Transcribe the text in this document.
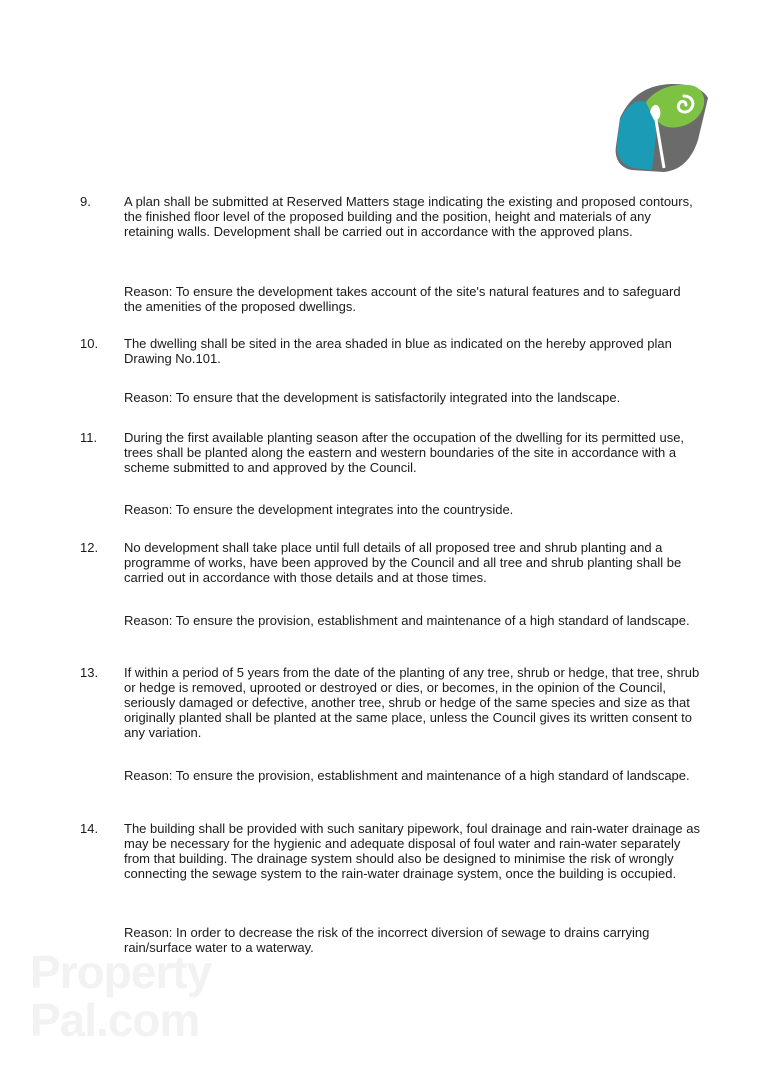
9.	A plan shall be submitted at Reserved Matters stage indicating the existing and proposed contours, the finished floor level of the proposed building and the position, height and materials of any retaining walls. Development shall be carried out in accordance with the approved plans.
Reason: To ensure the development takes account of the site's natural features and to safeguard the amenities of the proposed dwellings.
10.	The dwelling shall be sited in the area shaded in blue as indicated on the hereby approved plan Drawing No.101.
Reason: To ensure that the development is satisfactorily integrated into the landscape.
11.	During the first available planting season after the occupation of the dwelling for its permitted use, trees shall be planted along the eastern and western boundaries of the site in accordance with a scheme submitted to and approved by the Council.
Reason: To ensure the development integrates into the countryside.
12.	No development shall take place until full details of all proposed tree and shrub planting and a programme of works, have been approved by the Council and all tree and shrub planting shall be carried out in accordance with those details and at those times.
Reason: To ensure the provision, establishment and maintenance of a high standard of landscape.
13.	If within a period of 5 years from the date of the planting of any tree, shrub or hedge, that tree, shrub or hedge is removed, uprooted or destroyed or dies, or becomes, in the opinion of the Council, seriously damaged or defective, another tree, shrub or hedge of the same species and size as that originally planted shall be planted at the same place, unless the Council gives its written consent to any variation.
Reason: To ensure the provision, establishment and maintenance of a high standard of landscape.
14.	The building shall be provided with such sanitary pipework, foul drainage and rain-water drainage as may be necessary for the hygienic and adequate disposal of foul water and rain-water separately from that building. The drainage system should also be designed to minimise the risk of wrongly connecting the sewage system to the rain-water drainage system, once the building is occupied.
Reason: In order to decrease the risk of the incorrect diversion of sewage to drains carrying rain/surface water to a waterway.
Property
Pal.com
